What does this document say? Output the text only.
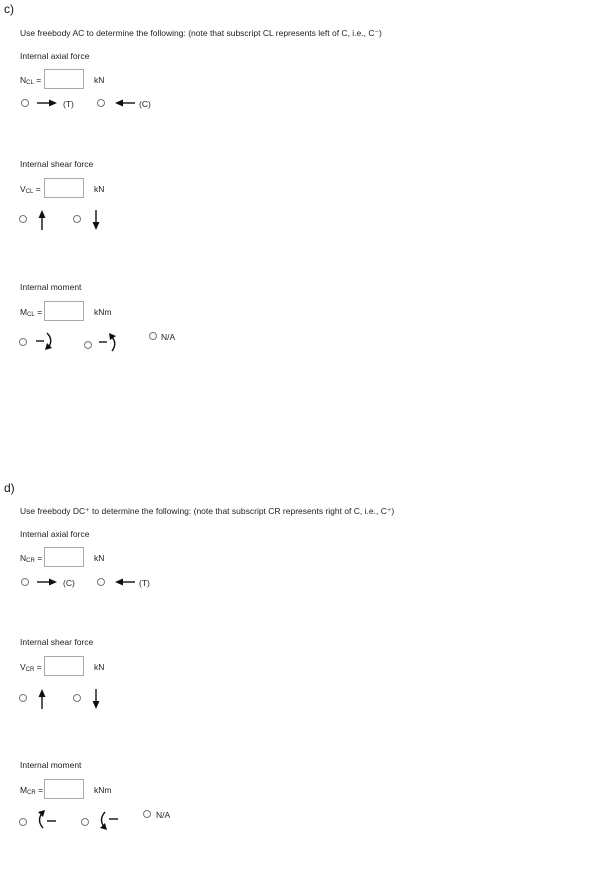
c)
Use freebody AC to determine the following: (note that subscript CL represents left of C, i.e., C⁻)
Internal axial force
$N_{CL}$ =	kN
(T)	(C)
Internal shear force
$V_{CL}$ =	kN
Internal moment
$M_{CL}$ =	kNm
N/A
d)
Use freebody DC⁺ to determine the following: (note that subscript CR represents right of C, i.e., C⁺)
Internal axial force
$N_{CR}$ =	kN
(C)	(T)
Internal shear force
$V_{CR}$ =	kN
Internal moment
$M_{CR}$ =	kNm
N/A
